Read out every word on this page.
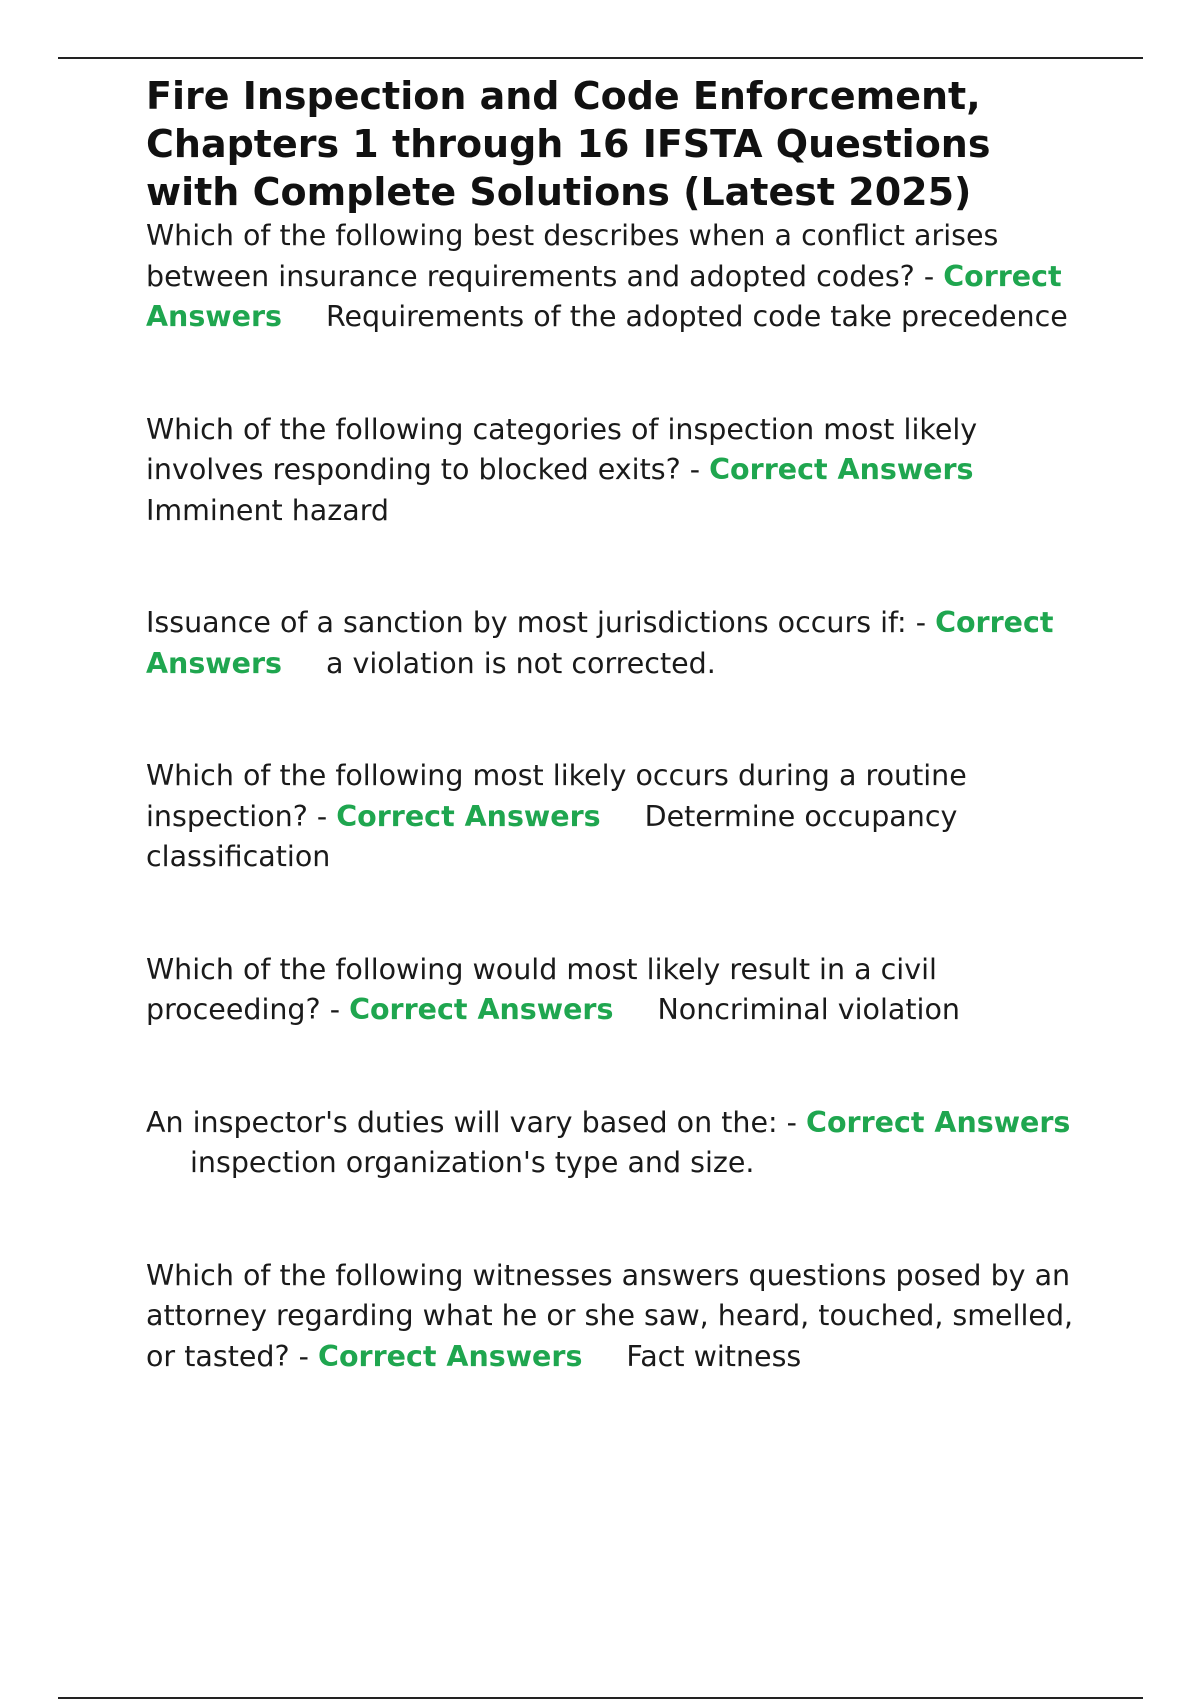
Fire Inspection and Code Enforcement, Chapters 1 through 16 IFSTA Questions with Complete Solutions (Latest 2025)
Which of the following best describes when a conflict arises between insurance requirements and adopted codes? - Correct Answers Requirements of the adopted code take precedence
Which of the following categories of inspection most likely involves responding to blocked exits? - Correct AnswersImminent hazard
Issuance of a sanction by most jurisdictions occurs if: - Correct Answers a violation is not corrected.
Which of the following most likely occurs during a routine inspection? - Correct Answers Determine occupancy classification
Which of the following would most likely result in a civil proceeding? - Correct Answers Noncriminal violation
An inspector's duties will vary based on the: - Correct Answersinspection organization's type and size.
Which of the following witnesses answers questions posed by an attorney regarding what he or she saw, heard, touched, smelled, or tasted? - Correct Answers Fact witness
